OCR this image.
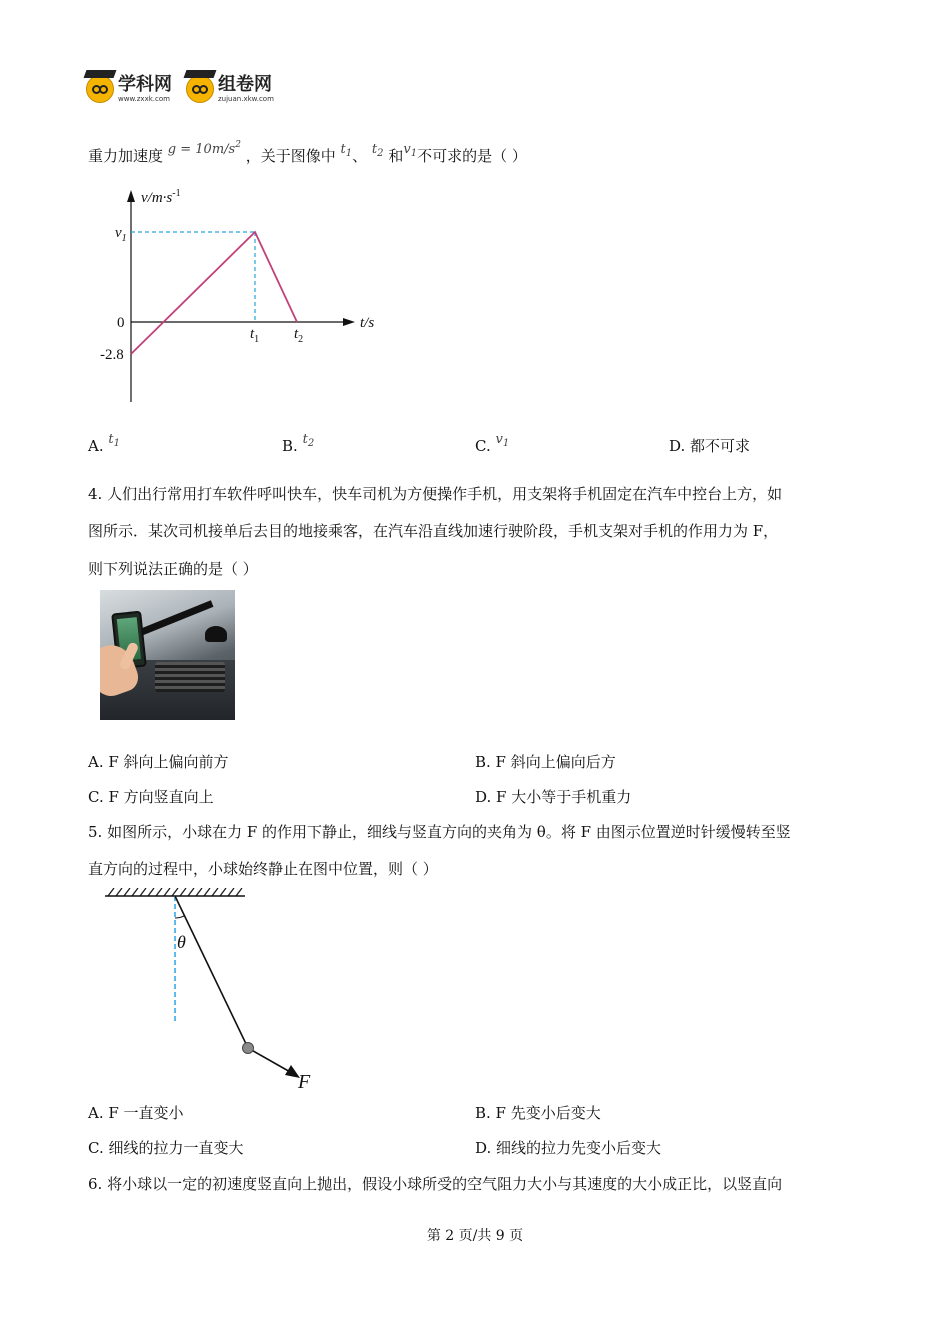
学科网
www.zxxk.com
组卷网
zujuan.xkw.com
重力加速度 $g = 10m/s^2$ ，关于图像中 $t_1$、 $t_2$ 和$v_1$不可求的是（ ）
$v/m\cdot s^{-1}$
$v_1$
0
-2.8
$t_1$ $t_2$
t/s
A. $t_1$	B. $t_2$	C. $v_1$	D. 都不可求
4. 人们出行常用打车软件呼叫快车，快车司机为方便操作手机，用支架将手机固定在汽车中控台上方，如
图所示．某次司机接单后去目的地接乘客，在汽车沿直线加速行驶阶段，手机支架对手机的作用力为 F，
则下列说法正确的是（ ）
A. F 斜向上偏向前方	B. F 斜向上偏向后方
C. F 方向竖直向上	D. F 大小等于手机重力
5. 如图所示，小球在力 F 的作用下静止，细线与竖直方向的夹角为 θ。将 F 由图示位置逆时针缓慢转至竖
直方向的过程中，小球始终静止在图中位置，则（ ）
θ
F
A. F 一直变小	B. F 先变小后变大
C. 细线的拉力一直变大	D. 细线的拉力先变小后变大
6. 将小球以一定的初速度竖直向上抛出，假设小球所受的空气阻力大小与其速度的大小成正比，以竖直向
第 2 页/共 9 页
